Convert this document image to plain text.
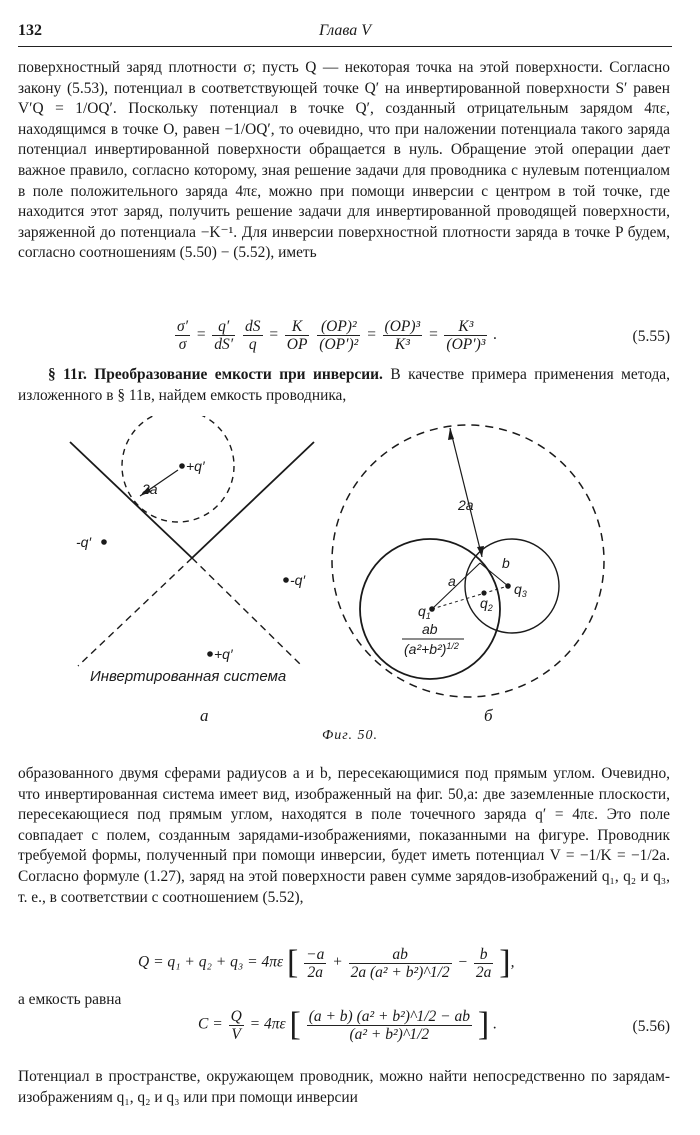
132	Глава V

поверхностный заряд плотности σ; пусть Q — некоторая точка на этой поверхности. Согласно закону (5.53), потенциал в соответствующей точке Q′ на инвертированной поверхности S′ равен V′Q = 1/OQ′. Поскольку потенциал в точке Q′, созданный отрицательным зарядом 4πε, находящимся в точке O, равен −1/OQ′, то очевидно, что при наложении потенциала такого заряда потенциал инвертированной поверхности обращается в нуль. Обращение этой операции дает важное правило, согласно которому, зная решение задачи для проводника с нулевым потенциалом в поле положительного заряда 4πε, можно при помощи инверсии с центром в той точке, где находится этот заряд, получить решение задачи для инвертированной проводящей поверхности, заряженной до потенциала −K⁻¹. Для инверсии поверхностной плотности заряда в точке P будем, согласно соотношениям (5.50) − (5.52), иметь

$\frac{\sigma'}{\sigma} = \frac{q'}{dS'}$
$\frac{dS}{q} = \frac{K}{OP}$
$\frac{\text{(OP)²}}{\text{(OP′)²}} = \frac{\text{(OP)³}}{\text{K³}} = \frac{\text{K³}}{\text{(OP′)³}}$ .	(5.55)

§ 11г. Преобразование емкости при инверсии. В качестве примера применения метода, изложенного в § 11в, найдем емкость проводника,

+q′
2a
-q′
-q′
+q′
2a
a
b
$q_1$
$q_2$
$q_3$
ab
$(a^2+b^2)^{1/2}$
Инвертированная система
а	б
Фиг. 50.

образованного двумя сферами радиусов a и b, пересекающимися под прямым углом. Очевидно, что инвертированная система имеет вид, изображенный на фиг. 50,a: две заземленные плоскости, пересекающиеся под прямым углом, находятся в поле точечного заряда q′ = 4πε. Это поле совпадает с полем, созданным зарядами-изображениями, показанными на фигуре. Проводник требуемой формы, полученный при помощи инверсии, будет иметь потенциал V = −1/K = −1/2a. Согласно формуле (1.27), заряд на этой поверхности равен сумме зарядов-изображений q₁, q₂ и q₃, т. е., в соответствии с соотношением (5.52),

Q = q₁ + q₂ + q₃ = 4πε [ $\frac{-a}{2a} + \frac{ab}{\text{2a (a² + b²)\textasciicircum{}1/2}} - \frac{b}{2a}$ ],

а емкость равна

$C = \frac{Q}{V} = 4\pi\varepsilon$ [ $\frac{\text{(a + b) (a² + b²)\textasciicircum{}1/2 − ab}}{\text{(a² + b²)\textasciicircum{}1/2}}$ ] .	(5.56)

Потенциал в пространстве, окружающем проводник, можно найти непосредственно по зарядам-изображениям q₁, q₂ и q₃ или при помощи инверсии
